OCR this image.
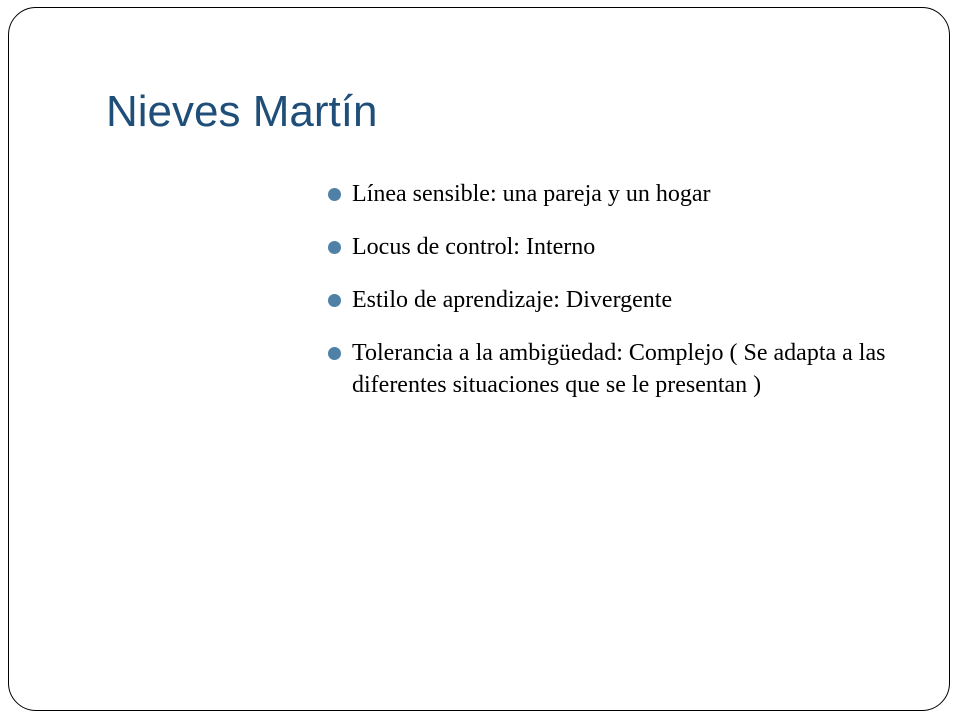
Nieves Martín
Línea sensible: una pareja y un hogar
Locus de control: Interno
Estilo de aprendizaje: Divergente
Tolerancia a la ambigüedad: Complejo ( Se adapta a las diferentes situaciones que se le presentan )
